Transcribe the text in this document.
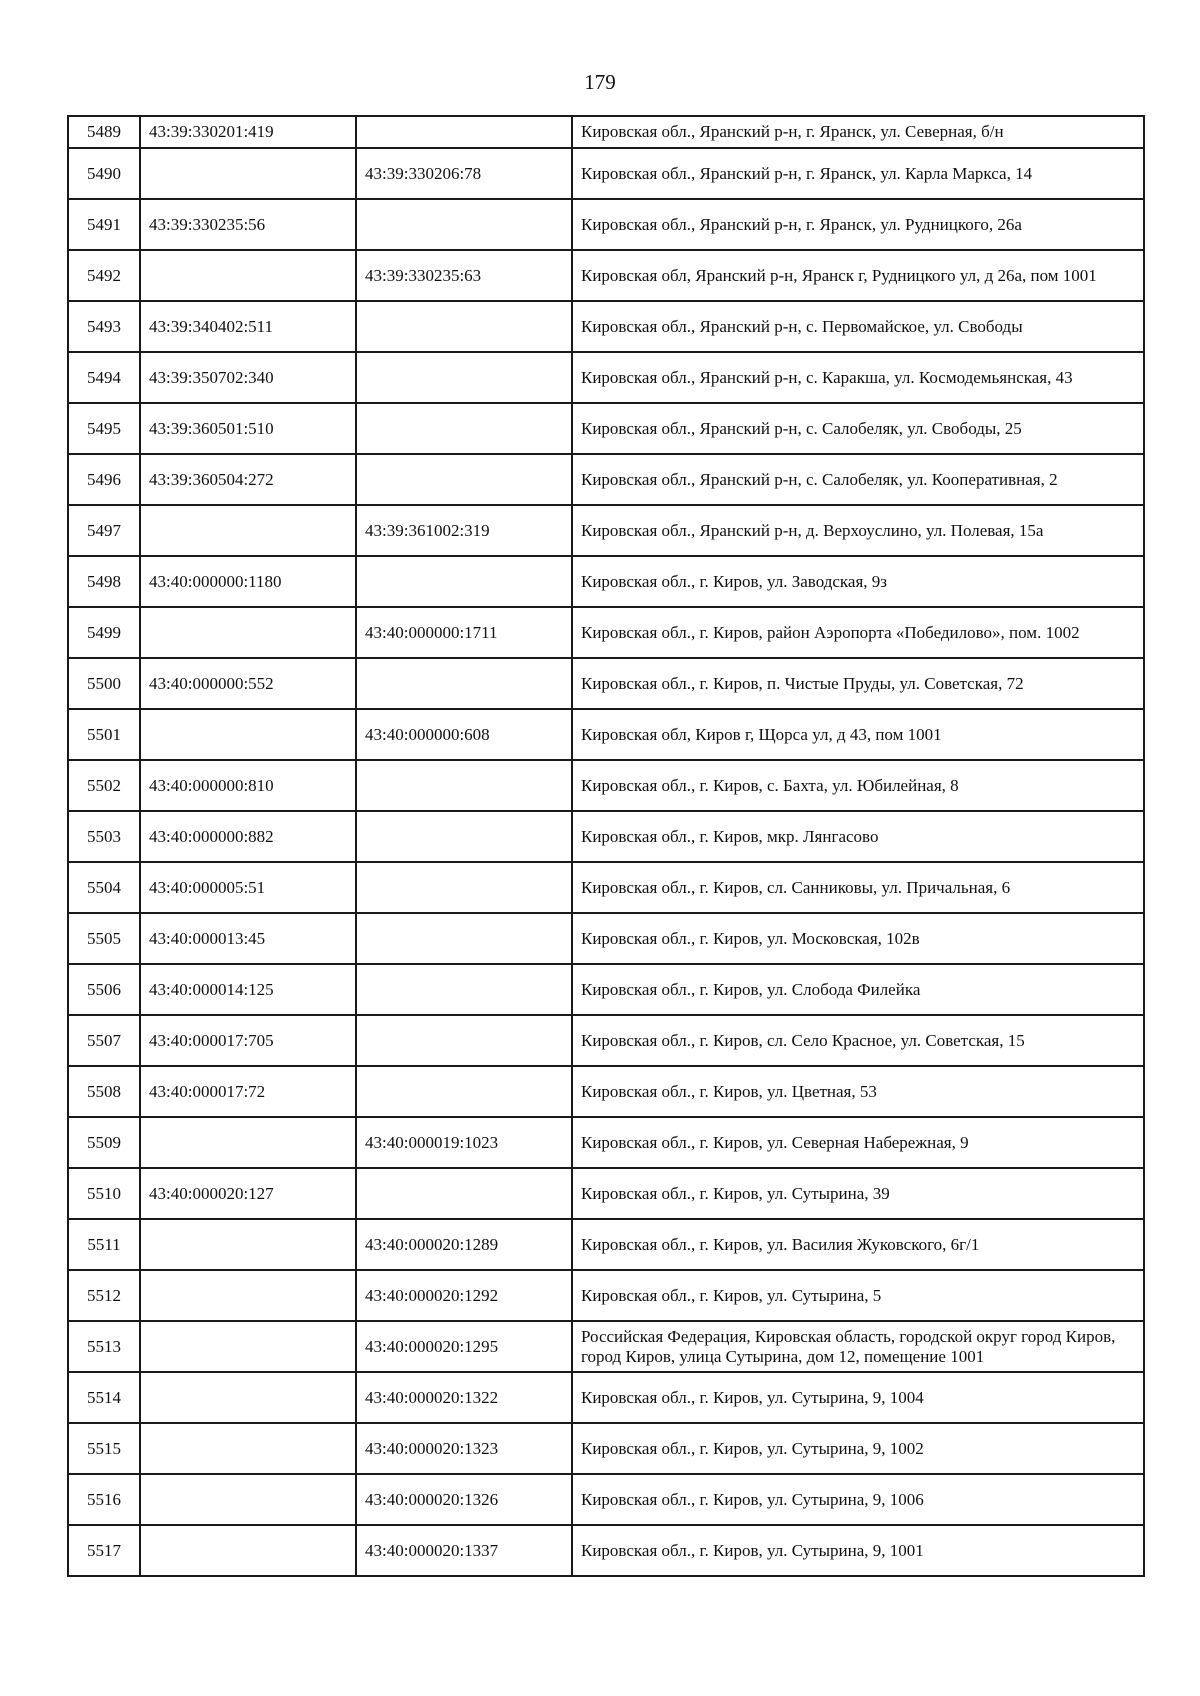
179
5489	43:39:330201:419		Кировская обл., Яранский р-н, г. Яранск, ул. Северная, б/н
5490		43:39:330206:78	Кировская обл., Яранский р-н, г. Яранск, ул. Карла Маркса, 14
5491	43:39:330235:56		Кировская обл., Яранский р-н, г. Яранск, ул. Рудницкого, 26а
5492		43:39:330235:63	Кировская обл, Яранский р-н, Яранск г, Рудницкого ул, д 26а, пом 1001
5493	43:39:340402:511		Кировская обл., Яранский р-н, с. Первомайское, ул. Свободы
5494	43:39:350702:340		Кировская обл., Яранский р-н, с. Каракша, ул. Космодемьянская, 43
5495	43:39:360501:510		Кировская обл., Яранский р-н, с. Салобеляк, ул. Свободы, 25
5496	43:39:360504:272		Кировская обл., Яранский р-н, с. Салобеляк, ул. Кооперативная, 2
5497		43:39:361002:319	Кировская обл., Яранский р-н, д. Верхоуслино, ул. Полевая, 15а
5498	43:40:000000:1180		Кировская обл., г. Киров, ул. Заводская, 9з
5499		43:40:000000:1711	Кировская обл., г. Киров, район Аэропорта «Победилово», пом. 1002
5500	43:40:000000:552		Кировская обл., г. Киров, п. Чистые Пруды, ул. Советская, 72
5501		43:40:000000:608	Кировская обл, Киров г, Щорса ул, д 43, пом 1001
5502	43:40:000000:810		Кировская обл., г. Киров, с. Бахта, ул. Юбилейная, 8
5503	43:40:000000:882		Кировская обл., г. Киров, мкр. Лянгасово
5504	43:40:000005:51		Кировская обл., г. Киров, сл. Санниковы, ул. Причальная, 6
5505	43:40:000013:45		Кировская обл., г. Киров, ул. Московская, 102в
5506	43:40:000014:125		Кировская обл., г. Киров, ул. Слобода Филейка
5507	43:40:000017:705		Кировская обл., г. Киров, сл. Село Красное, ул. Советская, 15
5508	43:40:000017:72		Кировская обл., г. Киров, ул. Цветная, 53
5509		43:40:000019:1023	Кировская обл., г. Киров, ул. Северная Набережная, 9
5510	43:40:000020:127		Кировская обл., г. Киров, ул. Сутырина, 39
5511		43:40:000020:1289	Кировская обл., г. Киров, ул. Василия Жуковского, 6г/1
5512		43:40:000020:1292	Кировская обл., г. Киров, ул. Сутырина, 5
5513		43:40:000020:1295	Российская Федерация, Кировская область, городской округ город Киров, город Киров, улица Сутырина, дом 12, помещение 1001
5514		43:40:000020:1322	Кировская обл., г. Киров, ул. Сутырина, 9, 1004
5515		43:40:000020:1323	Кировская обл., г. Киров, ул. Сутырина, 9, 1002
5516		43:40:000020:1326	Кировская обл., г. Киров, ул. Сутырина, 9, 1006
5517		43:40:000020:1337	Кировская обл., г. Киров, ул. Сутырина, 9, 1001
